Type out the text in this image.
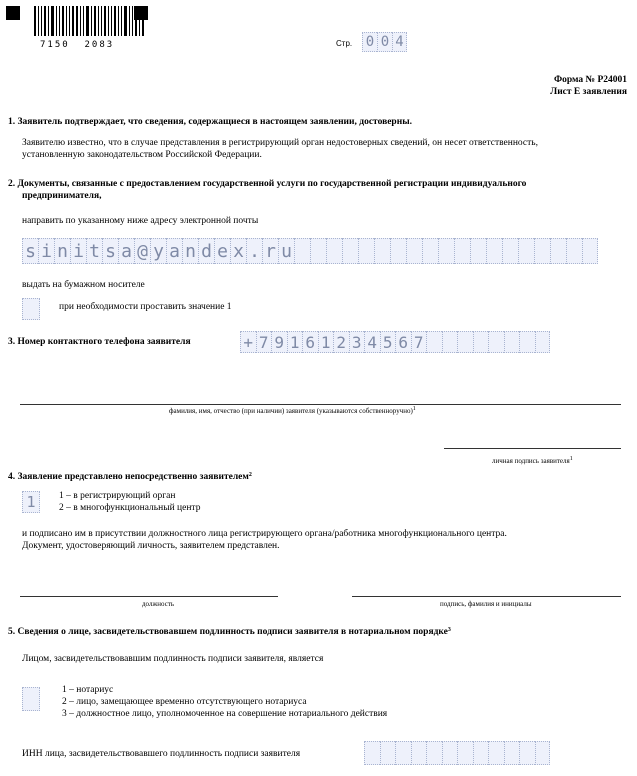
7150  2083	Стр. 0 0 4
Форма № Р24001
Лист Е заявления
1. Заявитель подтверждает, что сведения, содержащиеся в настоящем заявлении, достоверны.
Заявителю известно, что в случае представления в регистрирующий орган недостоверных сведений, он несет ответственность,
установленную законодательством Российской Федерации.
2. Документы, связанные с предоставлением государственной услуги по государственной регистрации индивидуального
предпринимателя,
направить по указанному ниже адресу электронной почты
s i n i t s a @ y a n d e x . r u
выдать на бумажном носителе
при необходимости проставить значение 1
3. Номер контактного телефона заявителя	+ 7 9 1 6 1 2 3 4 5 6 7
фамилия, имя, отчество (при наличии) заявителя (указываются собственноручно)$^1$
личная подпись заявителя$^1$
4. Заявление представлено непосредственно заявителем$^2$
1	1 – в регистрирующий орган
2 – в многофункциональный центр
и подписано им в присутствии должностного лица регистрирующего органа/работника многофункционального центра.
Документ, удостоверяющий личность, заявителем представлен.
должность	подпись, фамилия и инициалы
5. Сведения о лице, засвидетельствовавшем подлинность подписи заявителя в нотариальном порядке$^3$
Лицом, засвидетельствовавшим подлинность подписи заявителя, является
1 – нотариус
2 – лицо, замещающее временно отсутствующего нотариуса
3 – должностное лицо, уполномоченное на совершение нотариального действия
ИНН лица, засвидетельствовавшего подлинность подписи заявителя
